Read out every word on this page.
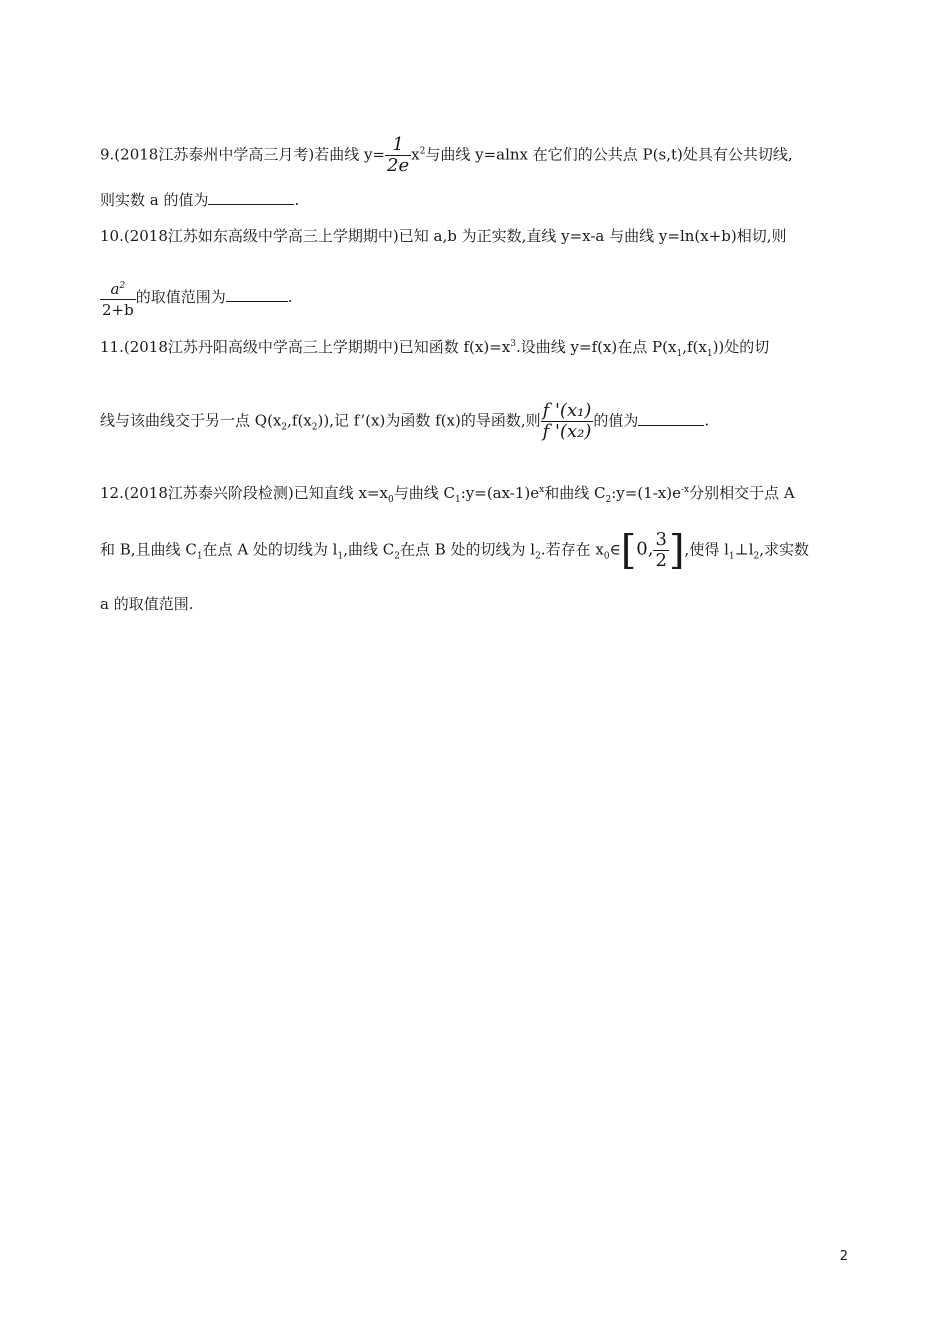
9.(2018江苏泰州中学高三月考)若曲线 $y= \frac{1}{2e} x^2$与曲线 y=alnx 在它们的公共点 P(s,t)处具有公共切线,
则实数 a 的值为	.
10.(2018江苏如东高级中学高三上学期期中)已知 a,b 为正实数,直线 y=x-a 与曲线 y=ln(x+b)相切,则
$\frac{a^2}{2+b}$ 的取值范围为	.
11.(2018江苏丹阳高级中学高三上学期期中)已知函数 $f(x)=x^3$.设曲线 y=f(x)在点 $P(x_1,f(x_1))$处的切
线与该曲线交于另一点 $Q(x_2,f(x_2))$,记 f’(x)为函数 f(x)的导函数,则 $\frac{\text{f '(x₁)}}{\text{f '(x₂)}}$ 的值为	.
12.(2018江苏泰兴阶段检测)已知直线 $x=x_0$与曲线 $C_1:y=(ax-1)e^x$和曲线 $C_2:y=(1-x)e^{-x}$分别相交于点 A
和 B,且曲线 $C_1$在点 A 处的切线为 $l_1$,曲线 $C_2$在点 B 处的切线为 $l_2$.若存在 $x_0\in[0$, $\frac{3}{2}$ ],使得 $l_1\perp l_2$,求实数
a 的取值范围.
2
